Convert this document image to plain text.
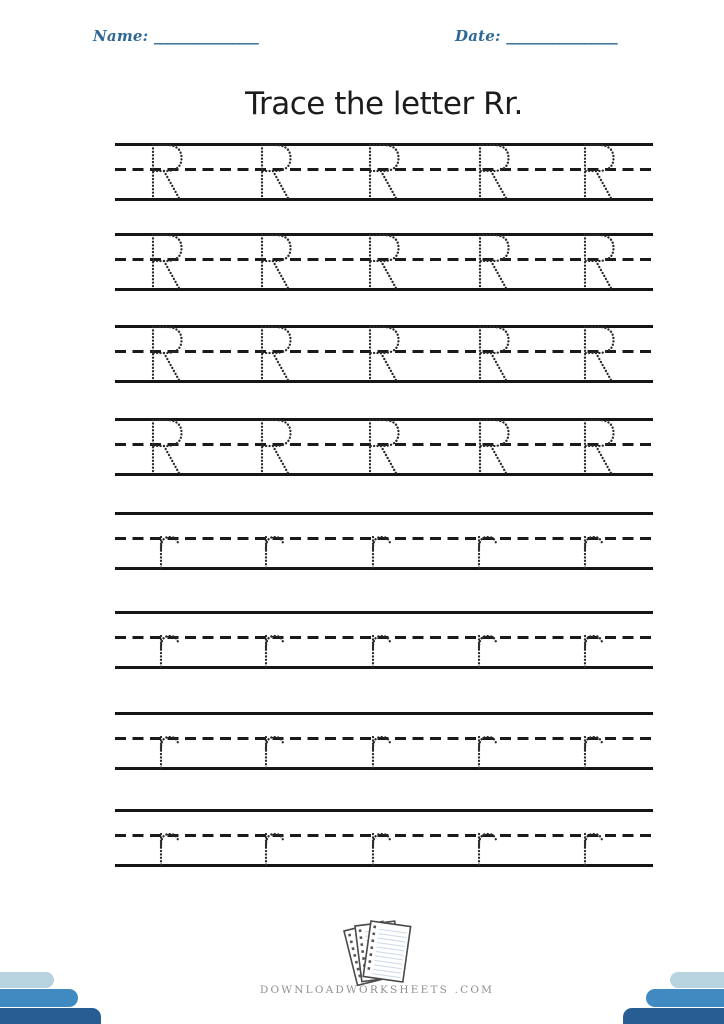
Name: ________________	Date: _________________
Trace the letter Rr.
DOWNLOADWORKSHEETS .COM
